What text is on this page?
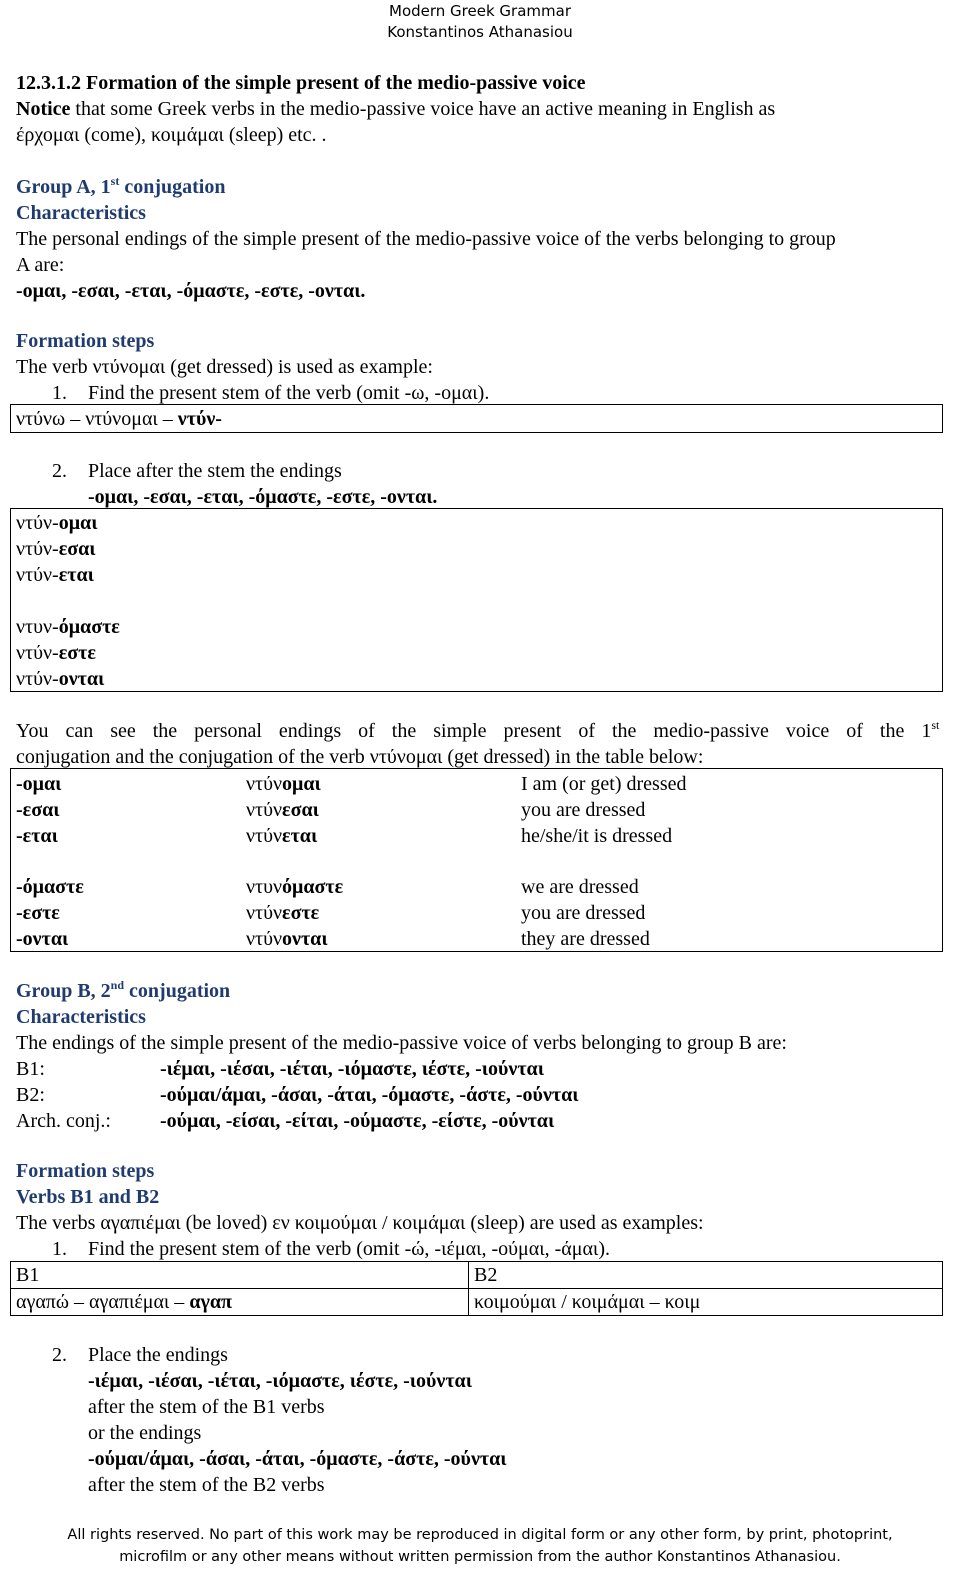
Modern Greek Grammar
Konstantinos Athanasiou
12.3.1.2 Formation of the simple present of the medio-passive voice
Notice that some Greek verbs in the medio-passive voice have an active meaning in English as
έρχομαι (come), κοιμάμαι (sleep) etc. .
Group A, 1st conjugation
Characteristics
The personal endings of the simple present of the medio-passive voice of the verbs belonging to group
A are:
-ομαι, -εσαι, -εται, -όμαστε, -εστε, -ονται.
Formation steps
The verb ντύνομαι (get dressed) is used as example:
1. Find the present stem of the verb (omit -ω, -ομαι).
ντύνω – ντύνομαι – ντύν-
2. Place after the stem the endings
-ομαι, -εσαι, -εται, -όμαστε, -εστε, -ονται.
ντύν-ομαι
ντύν-εσαι
ντύν-εται
ντυν-όμαστε
ντύν-εστε
ντύν-ονται
You can see the personal endings of the simple present of the medio-passive voice of the 1st
conjugation and the conjugation of the verb ντύνομαι (get dressed) in the table below:
-ομαι	ντύνομαι	I am (or get) dressed
-εσαι	ντύνεσαι	you are dressed
-εται	ντύνεται	he/she/it is dressed
-όμαστε	ντυνόμαστε	we are dressed
-εστε	ντύνεστε	you are dressed
-ονται	ντύνονται	they are dressed
Group B, 2nd conjugation
Characteristics
The endings of the simple present of the medio-passive voice of verbs belonging to group B are:
B1:	-ιέμαι, -ιέσαι, -ιέται, -ιόμαστε, ιέστε, -ιούνται
B2:	-ούμαι/άμαι, -άσαι, -άται, -όμαστε, -άστε, -ούνται
Arch. conj.: -ούμαι, -είσαι, -είται, -ούμαστε, -είστε, -ούνται
Formation steps
Verbs B1 and B2
The verbs αγαπιέμαι (be loved) εν κοιμούμαι / κοιμάμαι (sleep) are used as examples:
1. Find the present stem of the verb (omit -ώ, -ιέμαι, -ούμαι, -άμαι).
B1	B2
αγαπώ – αγαπιέμαι – αγαπ	κοιμούμαι / κοιμάμαι – κοιμ
2. Place the endings
-ιέμαι, -ιέσαι, -ιέται, -ιόμαστε, ιέστε, -ιούνται
after the stem of the B1 verbs
or the endings
-ούμαι/άμαι, -άσαι, -άται, -όμαστε, -άστε, -ούνται
after the stem of the B2 verbs
All rights reserved. No part of this work may be reproduced in digital form or any other form, by print, photoprint,
microfilm or any other means without written permission from the author Konstantinos Athanasiou.
